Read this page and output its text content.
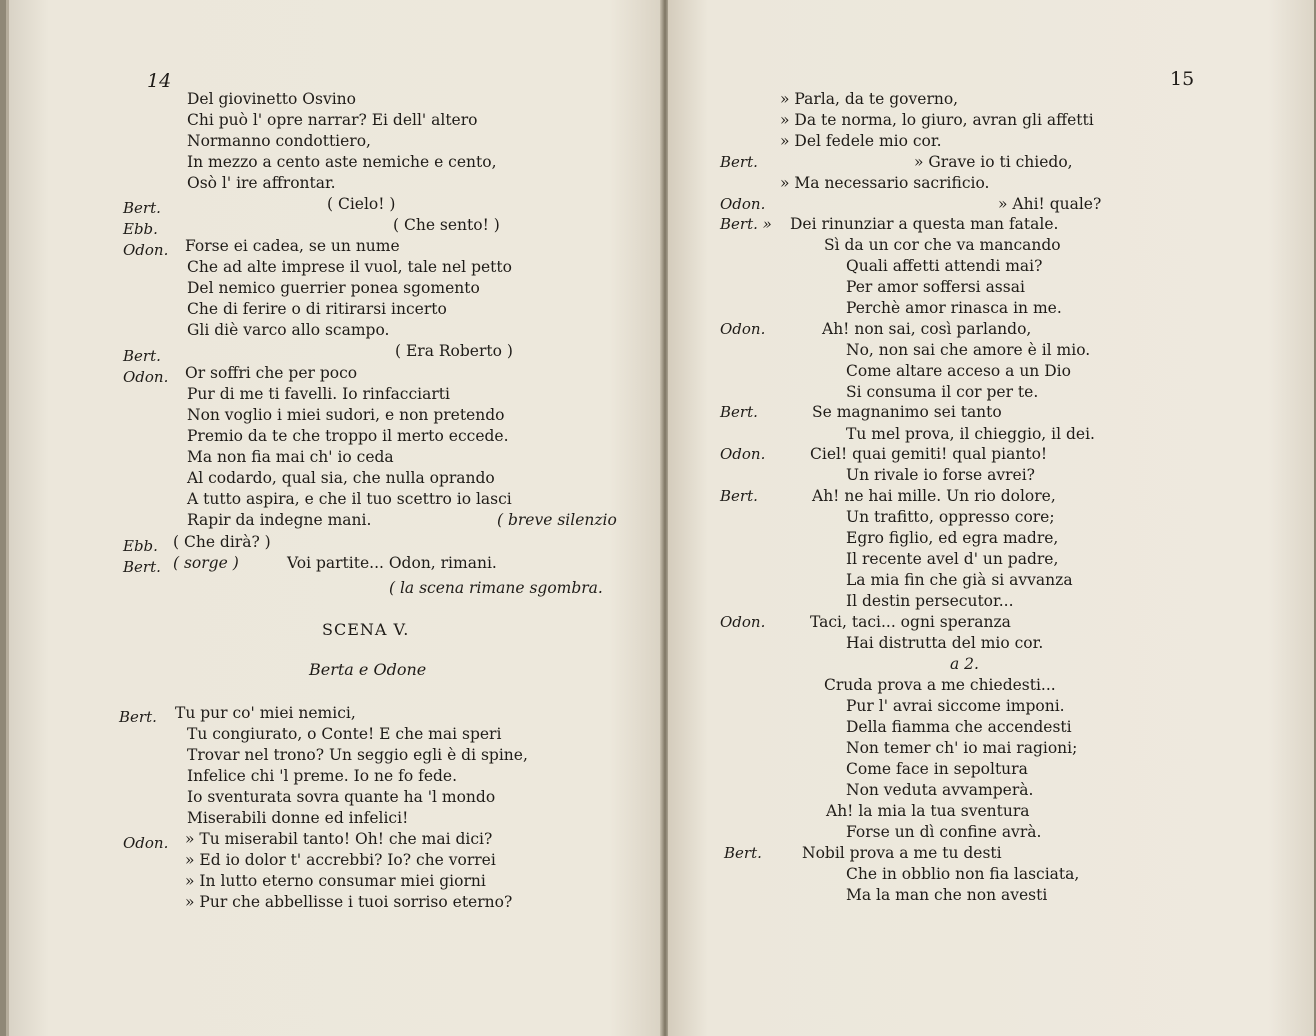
14
Del giovinetto Osvino
Chi può l' opre narrar? Ei dell' altero
Normanno condottiero,
In mezzo a cento aste nemiche e cento,
Osò l' ire affrontar.
Bert.	( Cielo! )
Ebb.	( Che sento! )
Odon. Forse ei cadea, se un nume
Che ad alte imprese il vuol, tale nel petto
Del nemico guerrier ponea sgomento
Che di ferire o di ritirarsi incerto
Gli diè varco allo scampo.
Bert.	( Era Roberto )
Odon. Or soffri che per poco
Pur di me ti favelli. Io rinfacciarti
Non voglio i miei sudori, e non pretendo
Premio da te che troppo il merto eccede.
Ma non fia mai ch' io ceda
Al codardo, qual sia, che nulla oprando
A tutto aspira, e che il tuo scettro io lasci
Rapir da indegne mani.	( breve silenzio
Ebb. ( Che dirà? )
Bert. ( sorge )	Voi partite... Odon, rimani.
( la scena rimane sgombra.
SCENA V.
Berta e Odone
Bert. Tu pur co' miei nemici,
Tu congiurato, o Conte! E che mai speri
Trovar nel trono? Un seggio egli è di spine,
Infelice chi 'l preme. Io ne fo fede.
Io sventurata sovra quante ha 'l mondo
Miserabili donne ed infelici!
Odon. » Tu miserabil tanto! Oh! che mai dici?
» Ed io dolor t' accrebbi? Io? che vorrei
» In lutto eterno consumar miei giorni
» Pur che abbellisse i tuoi sorriso eterno?
15
» Parla, da te governo,
» Da te norma, lo giuro, avran gli affetti
» Del fedele mio cor.
Bert.	» Grave io ti chiedo,
» Ma necessario sacrificio.
Odon.	» Ahi! quale?
Bert. » Dei rinunziar a questa man fatale.
Sì da un cor che va mancando
Quali affetti attendi mai?
Per amor soffersi assai
Perchè amor rinasca in me.
Odon.	Ah! non sai, così parlando,
No, non sai che amore è il mio.
Come altare acceso a un Dio
Si consuma il cor per te.
Bert.	Se magnanimo sei tanto
Tu mel prova, il chieggio, il dei.
Odon.	Ciel! quai gemiti! qual pianto!
Un rivale io forse avrei?
Bert.	Ah! ne hai mille. Un rio dolore,
Un trafitto, oppresso core;
Egro figlio, ed egra madre,
Il recente avel d' un padre,
La mia fin che già si avvanza
Il destin persecutor...
Odon.	Taci, taci... ogni speranza
Hai distrutta del mio cor.
a 2.
Cruda prova a me chiedesti...
Pur l' avrai siccome imponi.
Della fiamma che accendesti
Non temer ch' io mai ragioni;
Come face in sepoltura
Non veduta avvamperà.
Ah! la mia la tua sventura
Forse un dì confine avrà.
Bert.	Nobil prova a me tu desti
Che in obblio non fia lasciata,
Ma la man che non avesti
